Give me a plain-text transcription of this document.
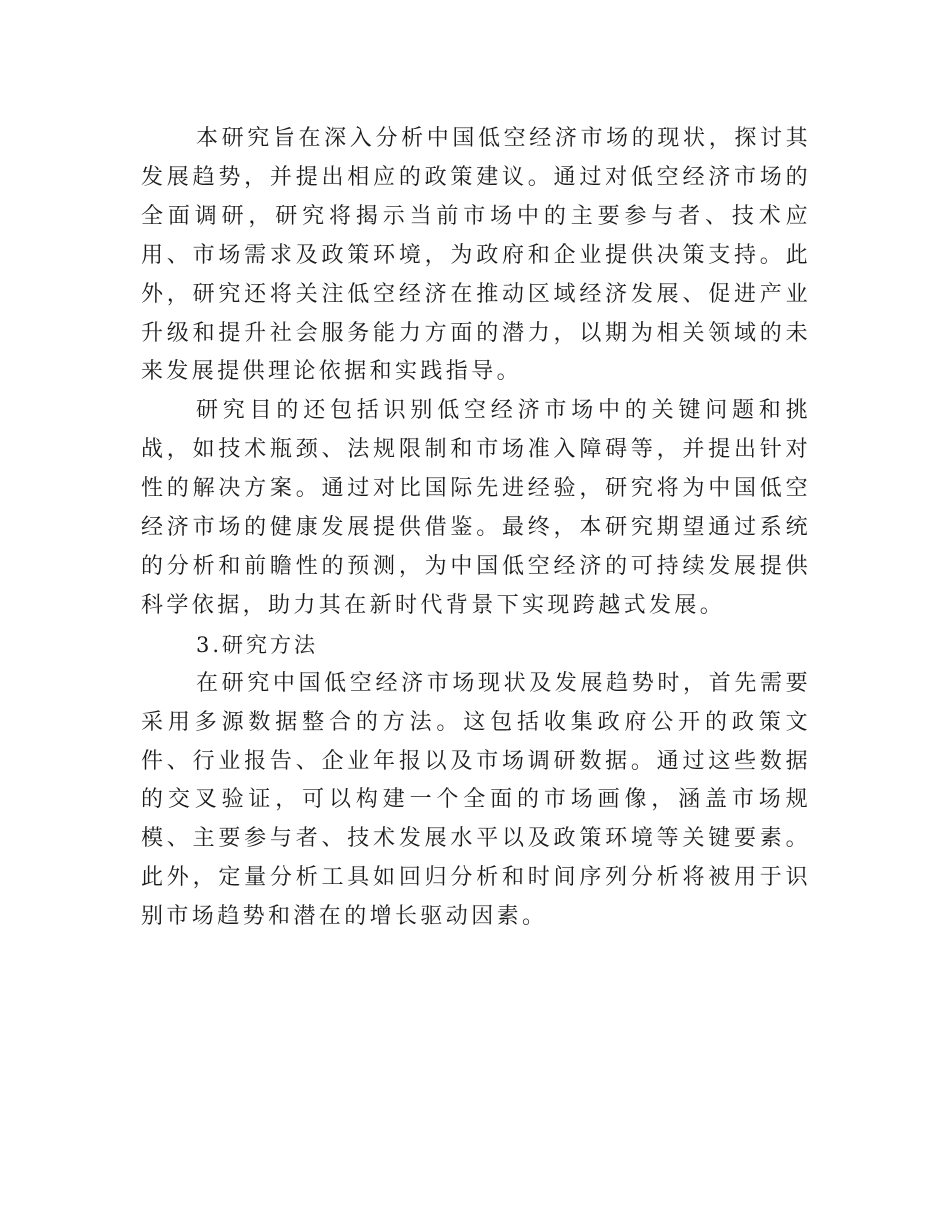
本研究旨在深入分析中国低空经济市场的现状，探讨其发展趋势，并提出相应的政策建议。通过对低空经济市场的全面调研，研究将揭示当前市场中的主要参与者、技术应用、市场需求及政策环境，为政府和企业提供决策支持。此外，研究还将关注低空经济在推动区域经济发展、促进产业升级和提升社会服务能力方面的潜力，以期为相关领域的未来发展提供理论依据和实践指导。

研究目的还包括识别低空经济市场中的关键问题和挑战，如技术瓶颈、法规限制和市场准入障碍等，并提出针对性的解决方案。通过对比国际先进经验，研究将为中国低空经济市场的健康发展提供借鉴。最终，本研究期望通过系统的分析和前瞻性的预测，为中国低空经济的可持续发展提供科学依据，助力其在新时代背景下实现跨越式发展。

3.研究方法

在研究中国低空经济市场现状及发展趋势时，首先需要采用多源数据整合的方法。这包括收集政府公开的政策文件、行业报告、企业年报以及市场调研数据。通过这些数据的交叉验证，可以构建一个全面的市场画像，涵盖市场规模、主要参与者、技术发展水平以及政策环境等关键要素。此外，定量分析工具如回归分析和时间序列分析将被用于识别市场趋势和潜在的增长驱动因素。
